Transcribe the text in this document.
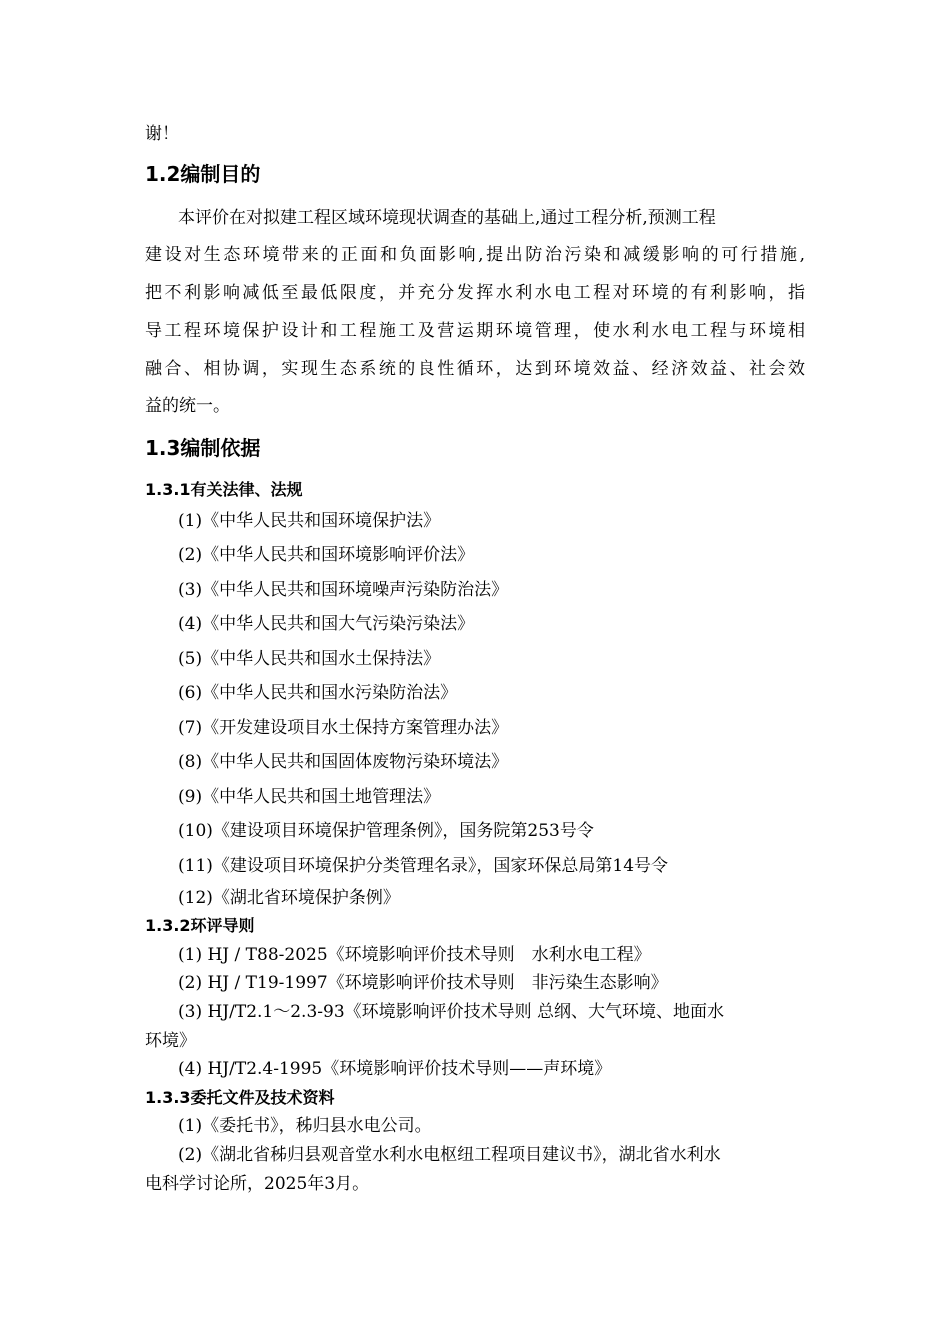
谢！
1.2编制目的
本评价在对拟建工程区域环境现状调查的基础上,通过工程分析,预测工程
建设对生态环境带来的正面和负面影响,提出防治污染和减缓影响的可行措施,
把不利影响减低至最低限度，并充分发挥水利水电工程对环境的有利影响，指
导工程环境保护设计和工程施工及营运期环境管理，使水利水电工程与环境相
融合、相协调，实现生态系统的良性循环，达到环境效益、经济效益、社会效
益的统一。
1.3编制依据
1.3.1有关法律、法规
(1)《中华人民共和国环境保护法》
(2)《中华人民共和国环境影响评价法》
(3)《中华人民共和国环境噪声污染防治法》
(4)《中华人民共和国大气污染污染法》
(5)《中华人民共和国水土保持法》
(6)《中华人民共和国水污染防治法》
(7)《开发建设项目水土保持方案管理办法》
(8)《中华人民共和国固体废物污染环境法》
(9)《中华人民共和国土地管理法》
(10)《建设项目环境保护管理条例》，国务院第253号令
(11)《建设项目环境保护分类管理名录》，国家环保总局第14号令
(12)《湖北省环境保护条例》
1.3.2环评导则
(1) HJ / T88-2025《环境影响评价技术导则　水利水电工程》
(2) HJ / T19-1997《环境影响评价技术导则　非污染生态影响》
(3) HJ/T2.1～2.3-93《环境影响评价技术导则 总纲、大气环境、地面水
环境》
(4) HJ/T2.4-1995《环境影响评价技术导则——声环境》
1.3.3委托文件及技术资料
(1)《委托书》，秭归县水电公司。
(2)《湖北省秭归县观音堂水利水电枢纽工程项目建议书》，湖北省水利水
电科学讨论所，2025年3月。
